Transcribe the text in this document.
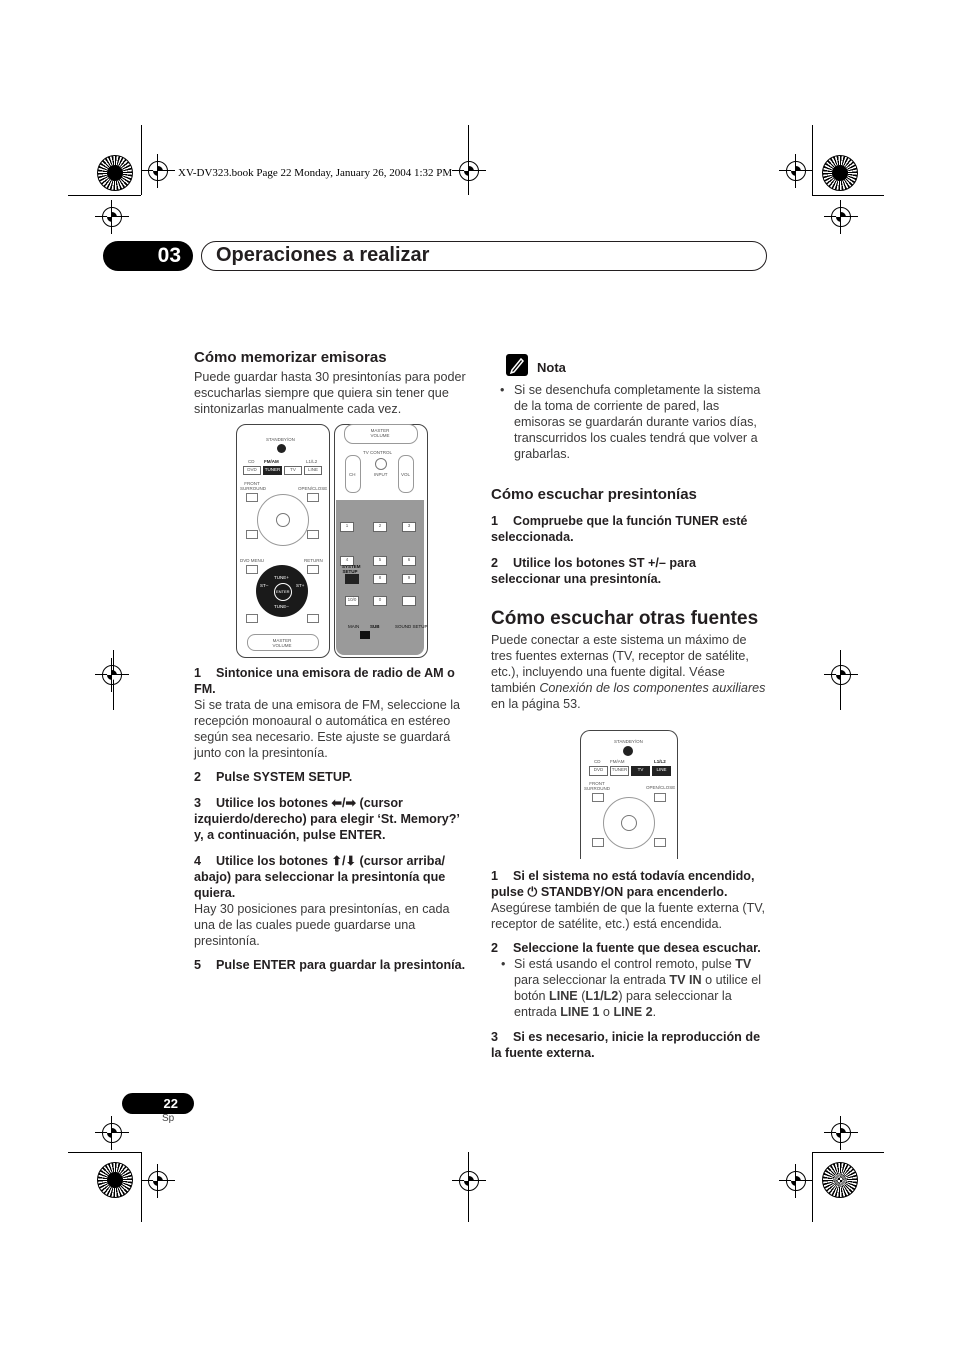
XV-DV323.book Page 22 Monday, January 26, 2004 1:32 PM
03	Operaciones a realizar
Cómo memorizar emisoras
Puede guardar hasta 30 presintonías para poder escucharlas siempre que quiera sin tener que sintonizarlas manualmente cada vez.
STANDBY/ON
CD FM/AM	L1/L2
DVD	TUNER	TV	LINE
FRONT SURROUND	OPEN/CLOSE
DVD MENU	RETURN
TUNE+
TUNE–
ST–	ST+
ENTER
MASTER VOLUME
MASTER VOLUME
TV CONTROL
CH	INPUT	VOL
1	2	3
4	5	6
SYSTEM SETUP
8	9
10/0	0
MAIN SUB	SOUND SETUP
1 Sintonice una emisora de radio de AM o FM.
Si se trata de una emisora de FM, seleccione la recepción monoaural o automática en estéreo según sea necesario. Este ajuste se guardará junto con la presintonía.
2 Pulse SYSTEM SETUP.
3 Utilice los botones ⬅/➡ (cursor izquierdo/derecho) para elegir ‘St. Memory?’ y, a continuación, pulse ENTER.
4 Utilice los botones ⬆/⬇ (cursor arriba/ abajo) para seleccionar la presintonía que quiera.
Hay 30 posiciones para presintonías, en cada una de las cuales puede guardarse una presintonía.
5 Pulse ENTER para guardar la presintonía.
Nota
• Si se desenchufa completamente la sistema de la toma de corriente de pared, las emisoras se guardarán durante varios días, transcurridos los cuales tendrá que volver a grabarlas.
Cómo escuchar presintonías
1 Compruebe que la función TUNER esté seleccionada.
2 Utilice los botones ST +/– para seleccionar una presintonía.
Cómo escuchar otras fuentes
Puede conectar a este sistema un máximo de tres fuentes externas (TV, receptor de satélite, etc.), incluyendo una fuente digital. Véase también Conexión de los componentes auxiliares en la página 53.
STANDBY/ON
CD FM/AM	L1/L2
DVD	TUNER	TV	LINE
FRONT SURROUND	OPEN/CLOSE
1 Si el sistema no está todavía encendido, pulse ⏻ STANDBY/ON para encenderlo.
Asegúrese también de que la fuente externa (TV, receptor de satélite, etc.) está encendida.
2 Seleccione la fuente que desea escuchar.
• Si está usando el control remoto, pulse TV para seleccionar la entrada TV IN o utilice el botón LINE (L1/L2) para seleccionar la entrada LINE 1 o LINE 2.
3 Si es necesario, inicie la reproducción de la fuente externa.
22
Sp
